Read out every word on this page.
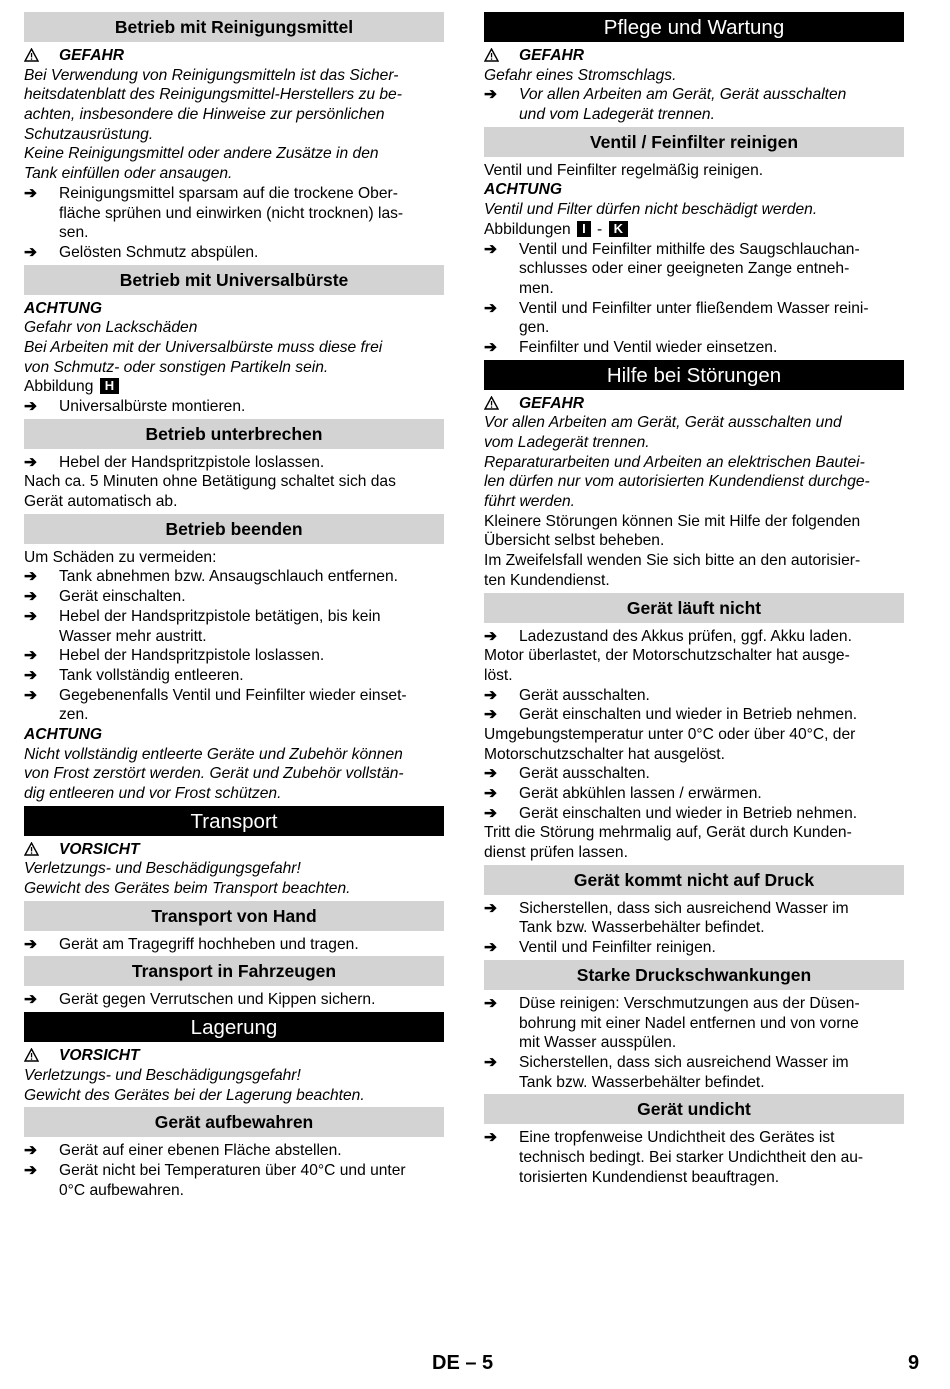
Betrieb mit Reinigungsmittel
GEFAHR
Bei Verwendung von Reinigungsmitteln ist das Sicher-
heitsdatenblatt des Reinigungsmittel-Herstellers zu be-
achten, insbesondere die Hinweise zur persönlichen
Schutzausrüstung.
Keine Reinigungsmittel oder andere Zusätze in den
Tank einfüllen oder ansaugen.
➔	Reinigungsmittel sparsam auf die trockene Ober-
fläche sprühen und einwirken (nicht trocknen) las-
sen.
➔	Gelösten Schmutz abspülen.
Betrieb mit Universalbürste
ACHTUNG
Gefahr von Lackschäden
Bei Arbeiten mit der Universalbürste muss diese frei
von Schmutz- oder sonstigen Partikeln sein.
Abbildung H
➔	Universalbürste montieren.
Betrieb unterbrechen
➔	Hebel der Handspritzpistole loslassen.
Nach ca. 5 Minuten ohne Betätigung schaltet sich das
Gerät automatisch ab.
Betrieb beenden
Um Schäden zu vermeiden:
➔	Tank abnehmen bzw. Ansaugschlauch entfernen.
➔	Gerät einschalten.
➔	Hebel der Handspritzpistole betätigen, bis kein
Wasser mehr austritt.
➔	Hebel der Handspritzpistole loslassen.
➔	Tank vollständig entleeren.
➔	Gegebenenfalls Ventil und Feinfilter wieder einset-
zen.
ACHTUNG
Nicht vollständig entleerte Geräte und Zubehör können
von Frost zerstört werden. Gerät und Zubehör vollstän-
dig entleeren und vor Frost schützen.
Transport
VORSICHT
Verletzungs- und Beschädigungsgefahr!
Gewicht des Gerätes beim Transport beachten.
Transport von Hand
➔	Gerät am Tragegriff hochheben und tragen.
Transport in Fahrzeugen
➔	Gerät gegen Verrutschen und Kippen sichern.
Lagerung
VORSICHT
Verletzungs- und Beschädigungsgefahr!
Gewicht des Gerätes bei der Lagerung beachten.
Gerät aufbewahren
➔	Gerät auf einer ebenen Fläche abstellen.
➔	Gerät nicht bei Temperaturen über 40°C und unter
0°C aufbewahren.
Pflege und Wartung
GEFAHR
Gefahr eines Stromschlags.
➔	Vor allen Arbeiten am Gerät, Gerät ausschalten
und vom Ladegerät trennen.
Ventil / Feinfilter reinigen
Ventil und Feinfilter regelmäßig reinigen.
ACHTUNG
Ventil und Filter dürfen nicht beschädigt werden.
Abbildungen I - K
➔	Ventil und Feinfilter mithilfe des Saugschlauchan-
schlusses oder einer geeigneten Zange entneh-
men.
➔	Ventil und Feinfilter unter fließendem Wasser reini-
gen.
➔	Feinfilter und Ventil wieder einsetzen.
Hilfe bei Störungen
GEFAHR
Vor allen Arbeiten am Gerät, Gerät ausschalten und
vom Ladegerät trennen.
Reparaturarbeiten und Arbeiten an elektrischen Bautei-
len dürfen nur vom autorisierten Kundendienst durchge-
führt werden.
Kleinere Störungen können Sie mit Hilfe der folgenden
Übersicht selbst beheben.
Im Zweifelsfall wenden Sie sich bitte an den autorisier-
ten Kundendienst.
Gerät läuft nicht
➔	Ladezustand des Akkus prüfen, ggf. Akku laden.
Motor überlastet, der Motorschutzschalter hat ausge-
löst.
➔	Gerät ausschalten.
➔	Gerät einschalten und wieder in Betrieb nehmen.
Umgebungstemperatur unter 0°C oder über 40°C, der
Motorschutzschalter hat ausgelöst.
➔	Gerät ausschalten.
➔	Gerät abkühlen lassen / erwärmen.
➔	Gerät einschalten und wieder in Betrieb nehmen.
Tritt die Störung mehrmalig auf, Gerät durch Kunden-
dienst prüfen lassen.
Gerät kommt nicht auf Druck
➔	Sicherstellen, dass sich ausreichend Wasser im
Tank bzw. Wasserbehälter befindet.
➔	Ventil und Feinfilter reinigen.
Starke Druckschwankungen
➔	Düse reinigen: Verschmutzungen aus der Düsen-
bohrung mit einer Nadel entfernen und von vorne
mit Wasser ausspülen.
➔	Sicherstellen, dass sich ausreichend Wasser im
Tank bzw. Wasserbehälter befindet.
Gerät undicht
➔	Eine tropfenweise Undichtheit des Gerätes ist
technisch bedingt. Bei starker Undichtheit den au-
torisierten Kundendienst beauftragen.
DE – 5	9
